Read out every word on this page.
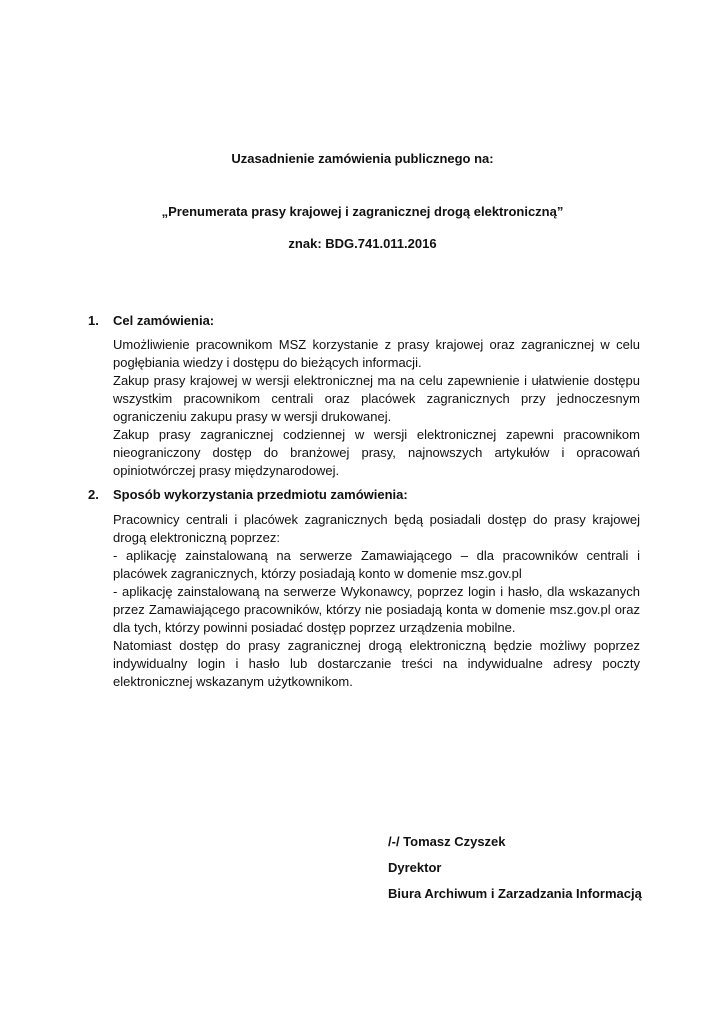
Uzasadnienie zamówienia publicznego na:
„Prenumerata prasy krajowej i zagranicznej drogą elektroniczną”
znak: BDG.741.011.2016
1. Cel zamówienia:

Umożliwienie pracownikom MSZ korzystanie z prasy krajowej oraz zagranicznej w celu pogłębiania wiedzy i dostępu do bieżących informacji.

Zakup prasy krajowej w wersji elektronicznej ma na celu zapewnienie i ułatwienie dostępu wszystkim pracownikom centrali oraz placówek zagranicznych przy jednoczesnym ograniczeniu zakupu prasy w wersji drukowanej.

Zakup prasy zagranicznej codziennej w wersji elektronicznej zapewni pracownikom nieograniczony dostęp do branżowej prasy, najnowszych artykułów i opracowań opiniotwórczej prasy międzynarodowej.

2. Sposób wykorzystania przedmiotu zamówienia:

Pracownicy centrali i placówek zagranicznych będą posiadali dostęp do prasy krajowej drogą elektroniczną poprzez:

- aplikację zainstalowaną na serwerze Zamawiającego – dla pracowników centrali i placówek zagranicznych, którzy posiadają konto w domenie msz.gov.pl

- aplikację zainstalowaną na serwerze Wykonawcy, poprzez login i hasło, dla wskazanych przez Zamawiającego pracowników, którzy nie posiadają konta w domenie msz.gov.pl oraz dla tych, którzy powinni posiadać dostęp poprzez urządzenia mobilne.

Natomiast dostęp do prasy zagranicznej drogą elektroniczną będzie możliwy poprzez indywidualny login i hasło lub dostarczanie treści na indywidualne adresy poczty elektronicznej wskazanym użytkownikom.

/-/ Tomasz Czyszek
Dyrektor
Biura Archiwum i Zarzadzania Informacją
